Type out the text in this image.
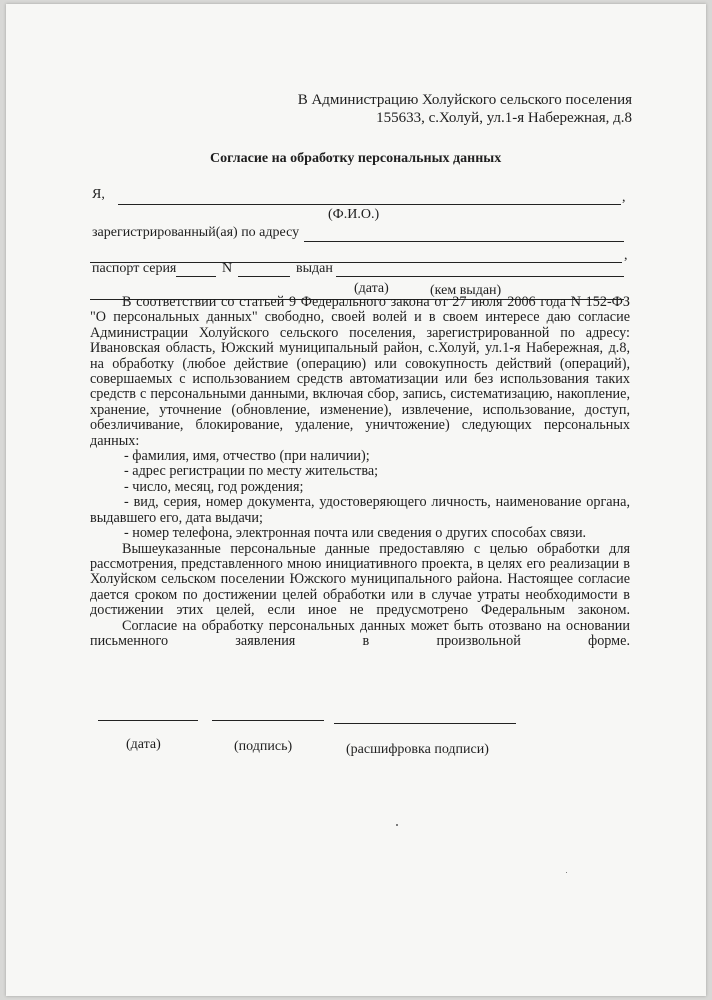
В Администрацию Холуйского сельского поселения
155633, с.Холуй, ул.1-я Набережная, д.8
Согласие на обработку персональных данных
Я,	,
(Ф.И.О.)
зарегистрированный(ая) по адресу
,
паспорт серия	N	выдан
(дата)	(кем выдан)

В соответствии со статьей 9 Федерального закона от 27 июля 2006 года N 152-ФЗ "О персональных данных" свободно, своей волей и в своем интересе даю согласие Администрации Холуйского сельского поселения, зарегистрированной по адресу: Ивановская область, Южский муниципальный район, с.Холуй, ул.1-я Набережная, д.8, на обработку (любое действие (операцию) или совокупность действий (операций), совершаемых с использованием средств автоматизации или без использования таких средств с персональными данными, включая сбор, запись, систематизацию, накопление, хранение, уточнение (обновление, изменение), извлечение, использование, доступ, обезличивание, блокирование, удаление, уничтожение) следующих персональных данных:

- фамилия, имя, отчество (при наличии);

- адрес регистрации по месту жительства;

- число, месяц, год рождения;

- вид, серия, номер документа, удостоверяющего личность, наименование органа, выдавшего его, дата выдачи;

- номер телефона, электронная почта или сведения о других способах связи.

Вышеуказанные персональные данные предоставляю с целью обработки для рассмотрения, представленного мною инициативного проекта, в целях его реализации в Холуйском сельском поселении Южского муниципального района. Настоящее согласие дается сроком по достижении целей обработки или в случае утраты необходимости в достижении этих целей, если иное не предусмотрено Федеральным законом.

Согласие на обработку персональных данных может быть отозвано на основании письменного заявления в произвольной форме.

(дата)	(подпись)	(расшифровка подписи)
